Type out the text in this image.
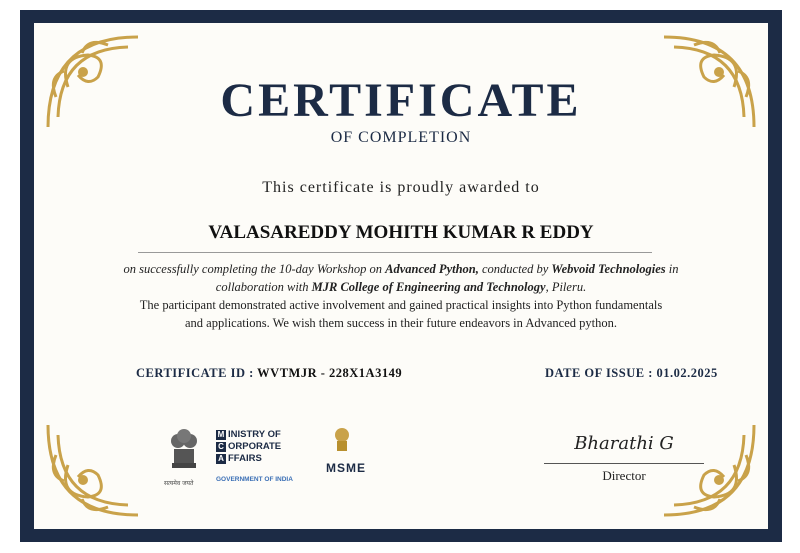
CERTIFICATE
OF COMPLETION
This certificate is proudly awarded to
VALASAREDDY MOHITH KUMAR R EDDY
on successfully completing the 10-day Workshop on Advanced Python, conducted by Webvoid Technologies in
collaboration with MJR College of Engineering and Technology, Pileru.
The participant demonstrated active involvement and gained practical insights into Python fundamentals
and applications. We wish them success in their future endeavors in Advanced python.
CERTIFICATE ID : WVTMJR - 228X1A3149	DATE OF ISSUE : 01.02.2025
सत्यमेव जयते
M INISTRY OF
C ORPORATE
A FFAIRS
GOVERNMENT OF INDIA
MSME
Bharathi G
Director
